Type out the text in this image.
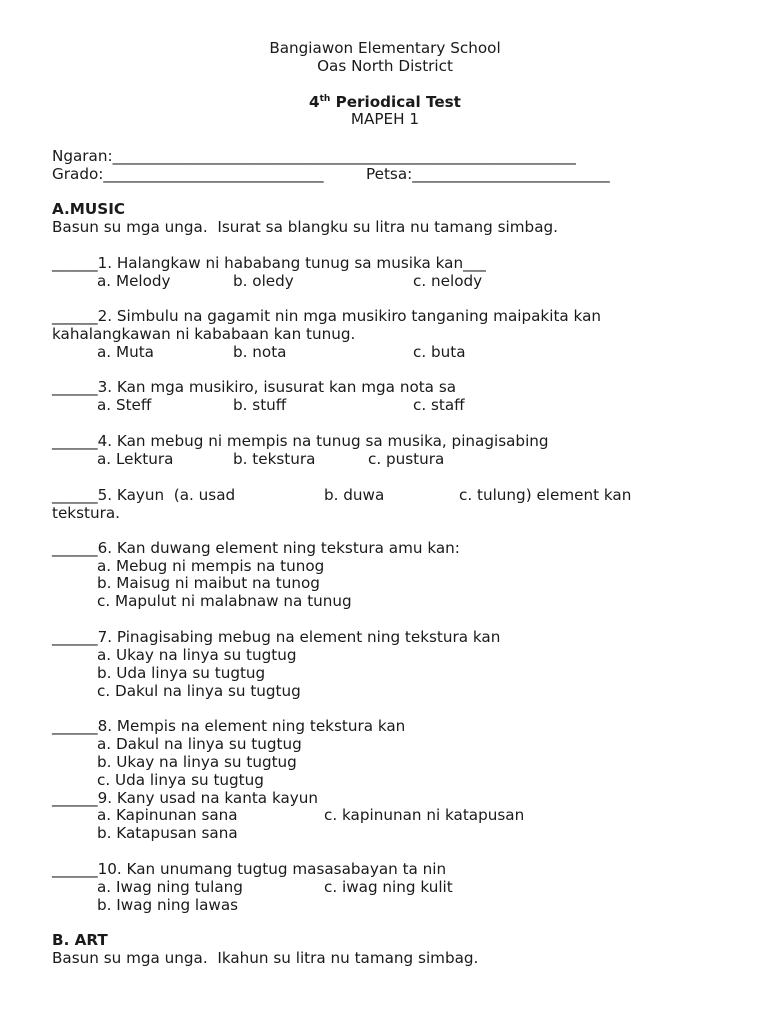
Bangiawon Elementary School
Oas North District
4th Periodical Test
MAPEH 1
Ngaran:_____________________________________________________________
Grado:_____________________________	Petsa:__________________________
A.MUSIC
Basun su mga unga.  Isurat sa blangku su litra nu tamang simbag.
______1. Halangkaw ni hababang tunug sa musika kan___
a. Melody	b. oledy	c. nelody
______2. Simbulu na gagamit nin mga musikiro tanganing maipakita kan
kahalangkawan ni kababaan kan tunug.
a. Muta	b. nota	c. buta
______3. Kan mga musikiro, isusurat kan mga nota sa
a. Steff	b. stuff	c. staff
______4. Kan mebug ni mempis na tunug sa musika, pinagisabing
a. Lektura	b. tekstura	c. pustura
______5. Kayun  (a. usad	b. duwa	c. tulung) element kan
tekstura.
______6. Kan duwang element ning tekstura amu kan:
a. Mebug ni mempis na tunog
b. Maisug ni maibut na tunog
c. Mapulut ni malabnaw na tunug
______7. Pinagisabing mebug na element ning tekstura kan
a. Ukay na linya su tugtug
b. Uda linya su tugtug
c. Dakul na linya su tugtug
______8. Mempis na element ning tekstura kan
a. Dakul na linya su tugtug
b. Ukay na linya su tugtug
c. Uda linya su tugtug
______9. Kany usad na kanta kayun
a. Kapinunan sana	c. kapinunan ni katapusan
b. Katapusan sana
______10. Kan unumang tugtug masasabayan ta nin
a. Iwag ning tulang	c. iwag ning kulit
b. Iwag ning lawas
B. ART
Basun su mga unga.  Ikahun su litra nu tamang simbag.
